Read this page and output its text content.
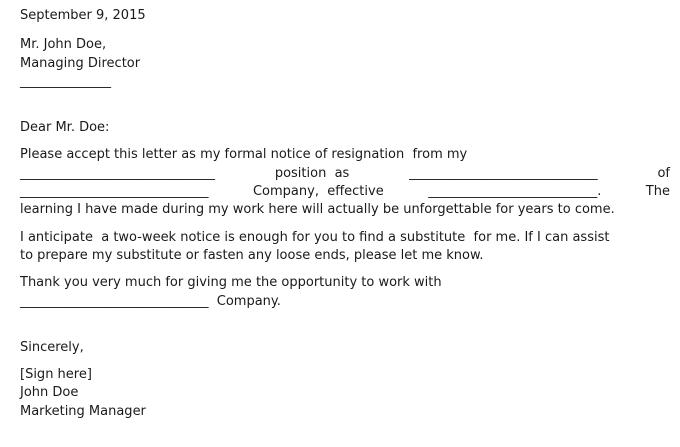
September 9, 2015
Mr. John Doe,
Managing Director
______________
Dear Mr. Doe:
Please accept this letter as my formal notice of resignation  from my
______________________________	position  as	_____________________________	of
_____________________________	Company,  effective	__________________________.	The
learning I have made during my work here will actually be unforgettable for years to come.
I anticipate  a two-week notice is enough for you to find a substitute  for me. If I can assist
to prepare my substitute or fasten any loose ends, please let me know.
Thank you very much for giving me the opportunity to work with
_____________________________ Company.
Sincerely,
[Sign here]
John Doe
Marketing Manager
